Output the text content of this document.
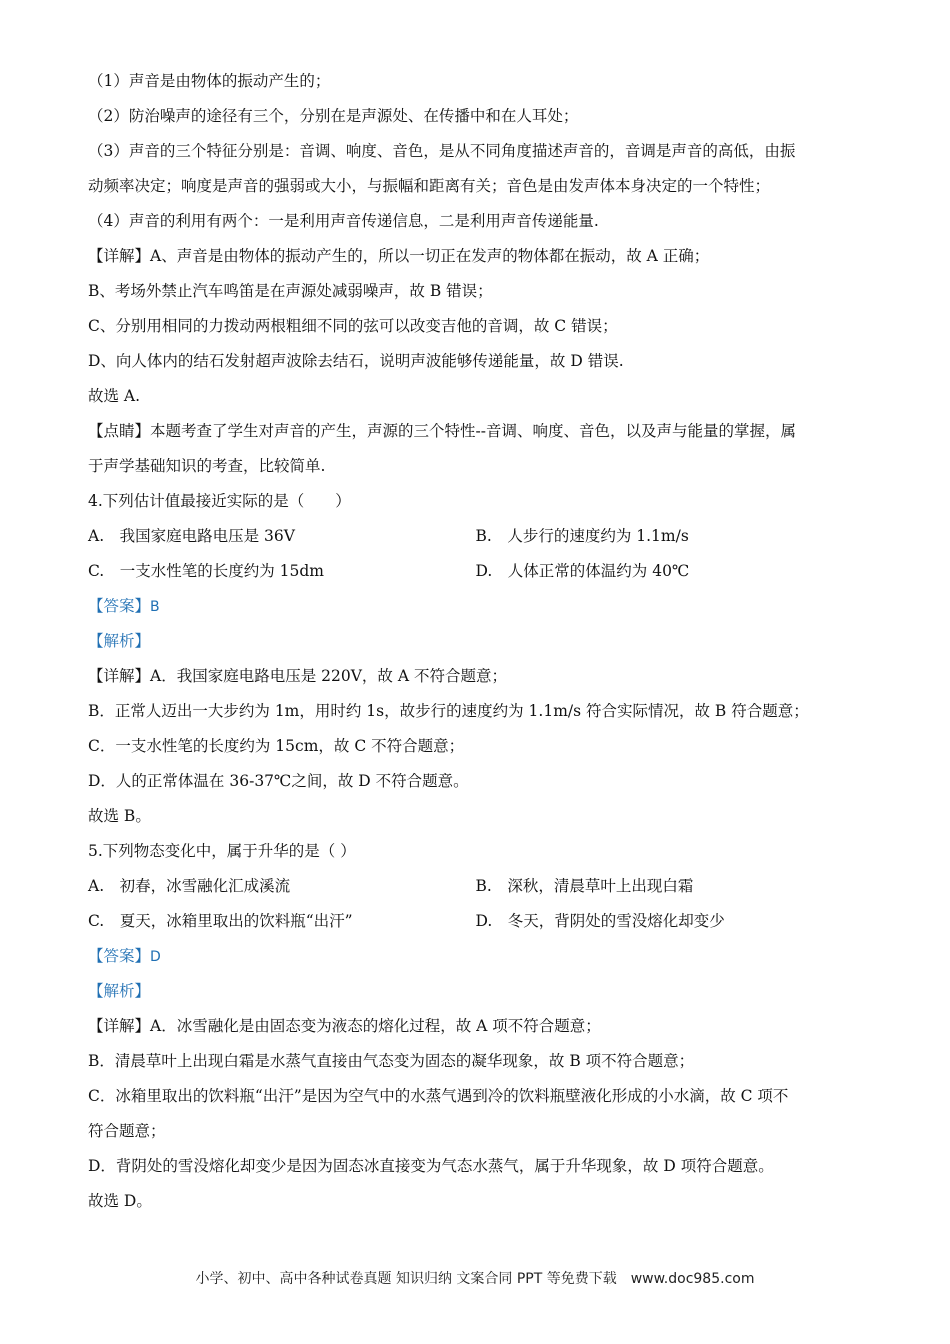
（1）声音是由物体的振动产生的；
（2）防治噪声的途径有三个，分别在是声源处、在传播中和在人耳处；
（3）声音的三个特征分别是：音调、响度、音色，是从不同角度描述声音的，音调是声音的高低，由振
动频率决定；响度是声音的强弱或大小，与振幅和距离有关；音色是由发声体本身决定的一个特性；
（4）声音的利用有两个：一是利用声音传递信息，二是利用声音传递能量.
【详解】A、声音是由物体的振动产生的，所以一切正在发声的物体都在振动，故 A 正确；
B、考场外禁止汽车鸣笛是在声源处减弱噪声，故 B 错误；
C、分别用相同的力拨动两根粗细不同的弦可以改变吉他的音调，故 C 错误；
D、向人体内的结石发射超声波除去结石，说明声波能够传递能量，故 D 错误.
故选 A.
【点睛】本题考查了学生对声音的产生，声源的三个特性--音调、响度、音色，以及声与能量的掌握，属
于声学基础知识的考查，比较简单.
4.下列估计值最接近实际的是（　　）
A.　我国家庭电路电压是 36V	B.　人步行的速度约为 1.1m/s
C.　一支水性笔的长度约为 15dm	D.　人体正常的体温约为 40℃
【答案】B
【解析】
【详解】A．我国家庭电路电压是 220V，故 A 不符合题意；
B．正常人迈出一大步约为 1m，用时约 1s，故步行的速度约为 1.1m/s 符合实际情况，故 B 符合题意；
C．一支水性笔的长度约为 15cm，故 C 不符合题意；
D．人的正常体温在 36-37℃之间，故 D 不符合题意。
故选 B。
5.下列物态变化中，属于升华的是（ ）
A.　初春，冰雪融化汇成溪流	B.　深秋，清晨草叶上出现白霜
C.　夏天，冰箱里取出的饮料瓶“出汗”	D.　冬天，背阴处的雪没熔化却变少
【答案】D
【解析】
【详解】A．冰雪融化是由固态变为液态的熔化过程，故 A 项不符合题意；
B．清晨草叶上出现白霜是水蒸气直接由气态变为固态的凝华现象，故 B 项不符合题意；
C．冰箱里取出的饮料瓶“出汗”是因为空气中的水蒸气遇到冷的饮料瓶壁液化形成的小水滴，故 C 项不
符合题意；
D．背阴处的雪没熔化却变少是因为固态冰直接变为气态水蒸气，属于升华现象，故 D 项符合题意。
故选 D。
小学、初中、高中各种试卷真题 知识归纳 文案合同 PPT 等免费下载　www.doc985.com
